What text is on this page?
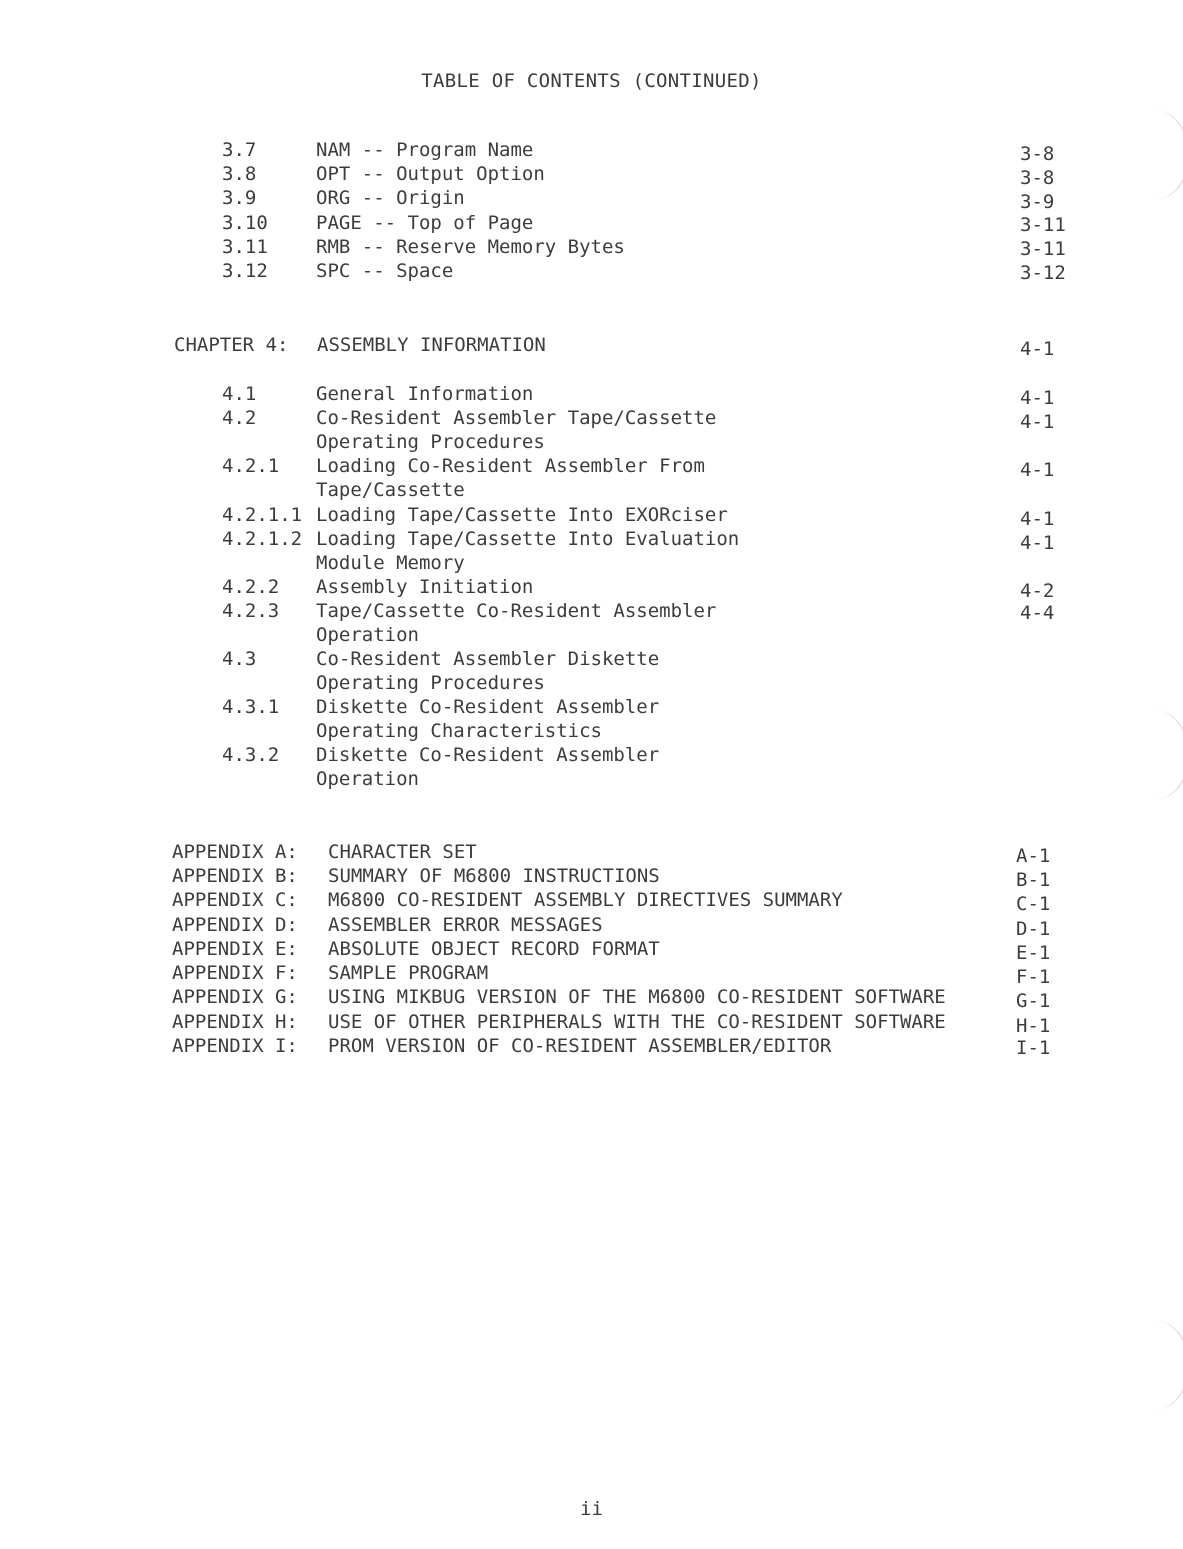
TABLE OF CONTENTS (CONTINUED)
3.7	NAM -- Program Name	3-8
3.8	OPT -- Output Option	3-8
3.9	ORG -- Origin	3-9
3.10	PAGE -- Top of Page	3-11
3.11	RMB -- Reserve Memory Bytes	3-11
3.12	SPC -- Space	3-12
CHAPTER 4: ASSEMBLY INFORMATION	4-1
4.1	General Information	4-1
4.2	Co-Resident Assembler Tape/Cassette	4-1
Operating Procedures
4.2.1 Loading Co-Resident Assembler From	4-1
Tape/Cassette
4.2.1.1 Loading Tape/Cassette Into EXORciser	4-1
4.2.1.2 Loading Tape/Cassette Into Evaluation	4-1
Module Memory
4.2.2 Assembly Initiation	4-2
4.2.3 Tape/Cassette Co-Resident Assembler	4-4
Operation
4.3	Co-Resident Assembler Diskette
Operating Procedures
4.3.1 Diskette Co-Resident Assembler
Operating Characteristics
4.3.2 Diskette Co-Resident Assembler
Operation
APPENDIX A: CHARACTER SET	A-1
APPENDIX B: SUMMARY OF M6800 INSTRUCTIONS	B-1
APPENDIX C: M6800 CO-RESIDENT ASSEMBLY DIRECTIVES SUMMARY	C-1
APPENDIX D: ASSEMBLER ERROR MESSAGES	D-1
APPENDIX E: ABSOLUTE OBJECT RECORD FORMAT	E-1
APPENDIX F: SAMPLE PROGRAM	F-1
APPENDIX G: USING MIKBUG VERSION OF THE M6800 CO-RESIDENT SOFTWARE	G-1
APPENDIX H: USE OF OTHER PERIPHERALS WITH THE CO-RESIDENT SOFTWARE	H-1
APPENDIX I: PROM VERSION OF CO-RESIDENT ASSEMBLER/EDITOR	I-1
ii
